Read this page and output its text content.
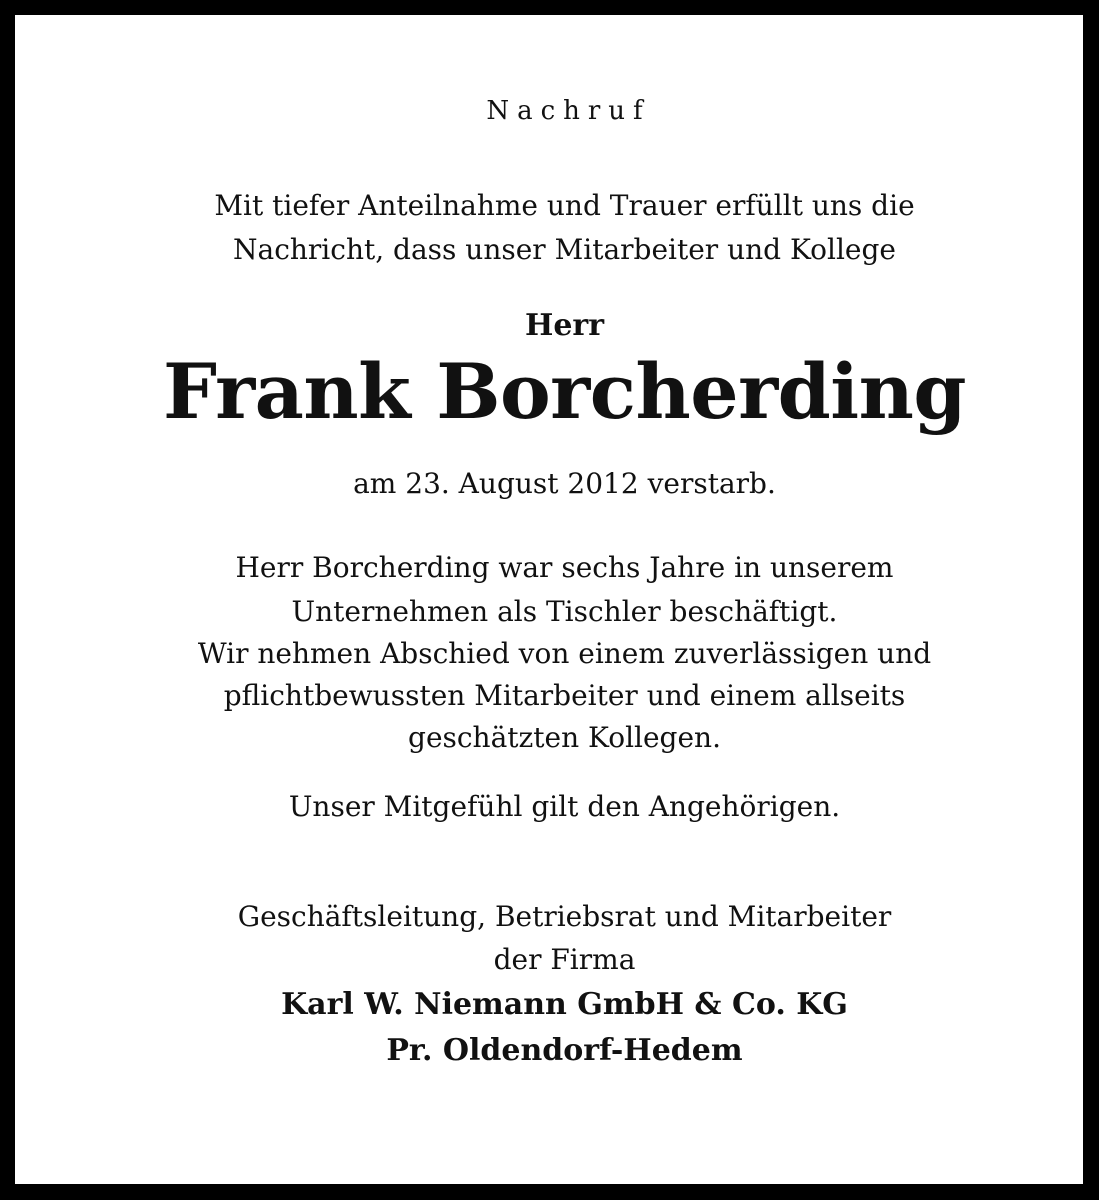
Nachruf

Mit tiefer Anteilnahme und Trauer erfüllt uns die

Nachricht, dass unser Mitarbeiter und Kollege

Herr

Frank Borcherding

am 23. August 2012 verstarb.

Herr Borcherding war sechs Jahre in unserem

Unternehmen als Tischler beschäftigt.

Wir nehmen Abschied von einem zuverlässigen und

pflichtbewussten Mitarbeiter und einem allseits

geschätzten Kollegen.

Unser Mitgefühl gilt den Angehörigen.

Geschäftsleitung, Betriebsrat und Mitarbeiter

der Firma

Karl W. Niemann GmbH & Co. KG

Pr. Oldendorf-Hedem
